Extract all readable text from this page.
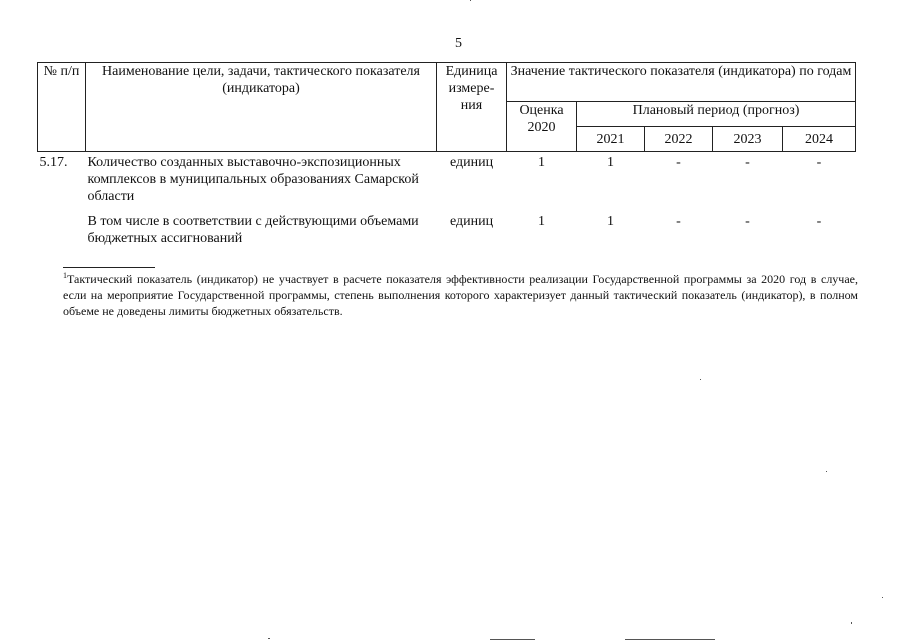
5
№ п/п	Наименование цели, задачи, тактического показателя (индикатора)	Единица измере-ния	Значение тактического показателя (индикатора) по годам				
			Оценка 2020	Плановый период (прогноз)			
				2021	2022	2023	2024
5.17.	Количество созданных выставочно-экспозиционных комплексов в муниципальных образованиях Самарской области	единиц	1	1	-	-	-
	В том числе в соответствии с действующими объемами бюджетных ассигнований	единиц	1	1	-	-	-
$^1$Тактический показатель (индикатор) не участвует в расчете показателя эффективности реализации Государственной программы за 2020 год в случае, если на мероприятие Государственной программы, степень выполнения которого характеризует данный тактический показатель (индикатор), в полном объеме не доведены лимиты бюджетных обязательств.
